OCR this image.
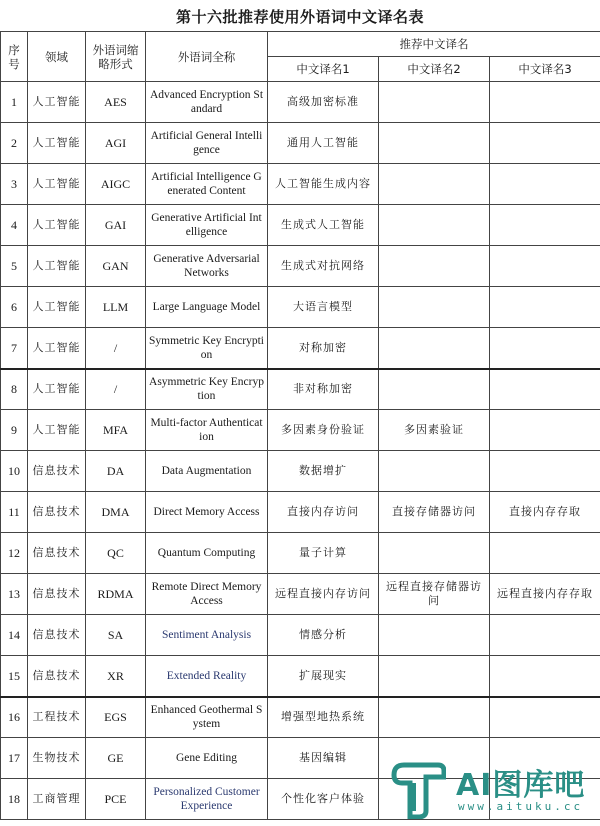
第十六批推荐使用外语词中文译名表
序号	领域	外语词缩略形式	外语词全称	推荐中文译名		
				中文译名1	中文译名2	中文译名3
1	人工智能	AES	Advanced Encryption Standard	高级加密标准		
2	人工智能	AGI	Artificial General Intelligence	通用人工智能		
3	人工智能	AIGC	Artificial Intelligence Generated Content	人工智能生成内容		
4	人工智能	GAI	Generative Artificial Intelligence	生成式人工智能		
5	人工智能	GAN	Generative Adversarial Networks	生成式对抗网络		
6	人工智能	LLM	Large Language Model	大语言模型		
7	人工智能	/	Symmetric Key Encryption	对称加密		
8	人工智能	/	Asymmetric Key Encryption	非对称加密		
9	人工智能	MFA	Multi-factor Authentication	多因素身份验证	多因素验证	
10	信息技术	DA	Data Augmentation	数据增扩		
11	信息技术	DMA	Direct Memory Access	直接内存访问	直接存储器访问	直接内存存取
12	信息技术	QC	Quantum Computing	量子计算		
13	信息技术	RDMA	Remote Direct Memory Access	远程直接内存访问	远程直接存储器访问	远程直接内存存取
14	信息技术	SA	Sentiment Analysis	情感分析		
15	信息技术	XR	Extended Reality	扩展现实		
16	工程技术	EGS	Enhanced Geothermal System	增强型地热系统		
17	生物技术	GE	Gene Editing	基因编辑		
18	工商管理	PCE	Personalized Customer Experience	个性化客户体验			AI图库吧
www.aituku.cc
